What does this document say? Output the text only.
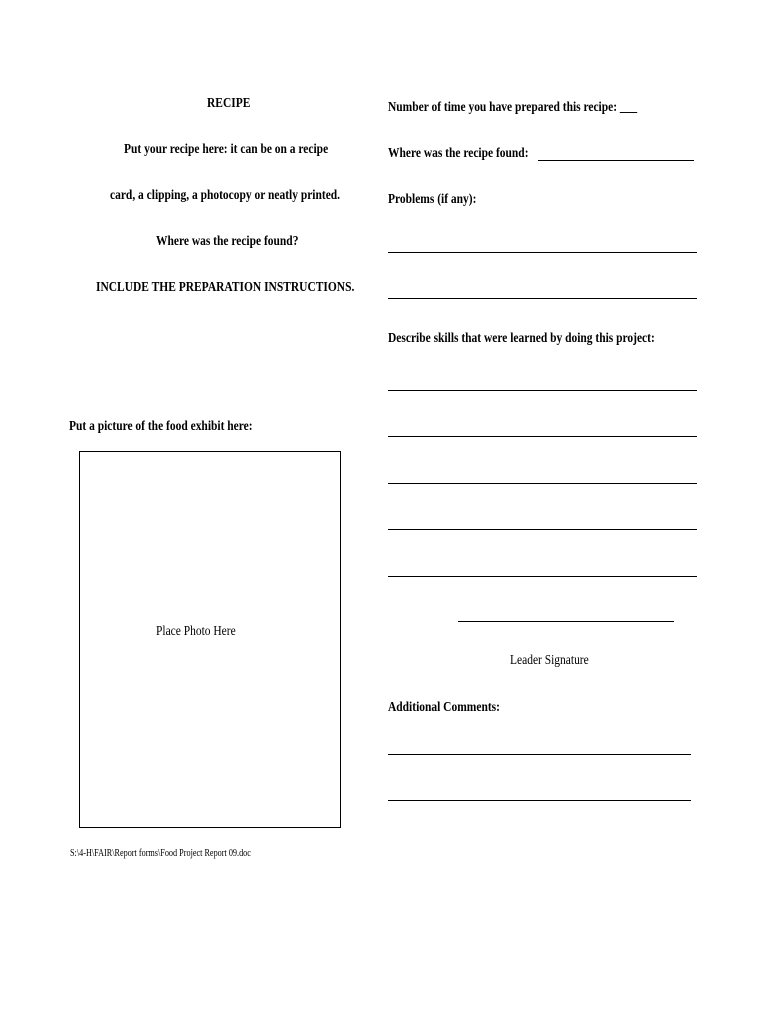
RECIPE
Put your recipe here: it can be on a recipe
card, a clipping, a photocopy or neatly printed.
Where was the recipe found?
INCLUDE THE PREPARATION INSTRUCTIONS.
Put a picture of the food exhibit here:
Place Photo Here
S:\4-H\FAIR\Report forms\Food Project Report 09.doc
Number of time you have prepared this recipe: ___
Where was the recipe found:
Problems (if any):
Describe skills that were learned by doing this project:
Leader Signature
Additional Comments:
